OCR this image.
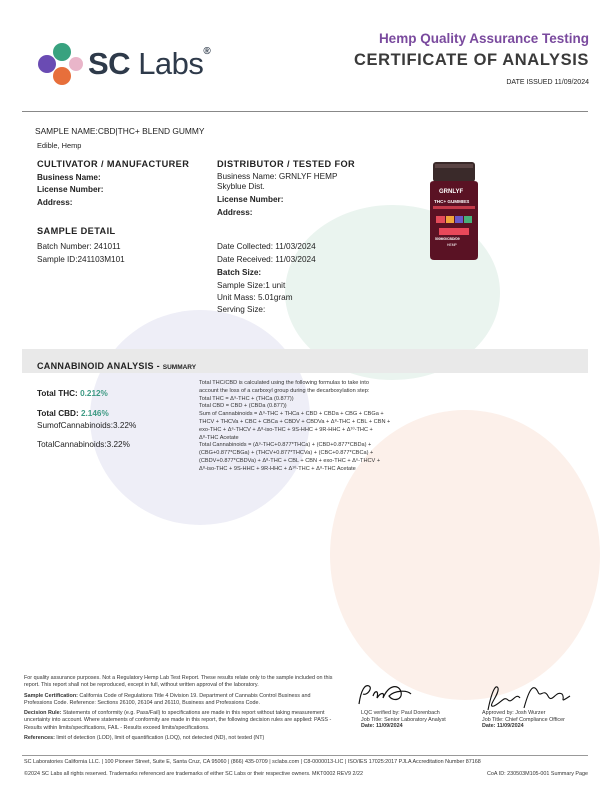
SC Labs®
Hemp Quality Assurance Testing
CERTIFICATE OF ANALYSIS
DATE ISSUED 11/09/2024
SAMPLE NAME:CBD|THC+ BLEND GUMMY
Edible, Hemp
CULTIVATOR / MANUFACTURER
Business Name:
License Number:
Address:
DISTRIBUTOR / TESTED FOR
Business Name: GRNLYF HEMP
Skyblue Dist.
License Number:
Address:
GRNLYF
THC+ GUMMIES
500MG/CBD/D9
HEMP
SAMPLE DETAIL
Batch Number: 241011
Sample ID:241103M101
Date Collected: 11/03/2024
Date Received: 11/03/2024
Batch Size:
Sample Size:1 unit
Unit Mass: 5.01gram
Serving Size:
CANNABINOID ANALYSIS - SUMMARY
Total THC: 0.212%
Total CBD: 2.146%
SumofCannabinoids:3.22%
TotalCannabinoids:3.22%
Total THC/CBD is calculated using the following formulas to take into
account the loss of a carboxyl group during the decarboxylation step:
Total THC = Δ⁹-THC + (THCa (0.877))
Total CBD = CBD + (CBDa (0.877))
Sum of Cannabinoids = Δ⁹-THC + THCa + CBD + CBDa + CBG + CBGa +
THCV + THCVa + CBC + CBCa + CBDV + CBDVa + Δ⁸-THC + CBL + CBN +
exo-THC + Δ⁶-THCV + Δ⁸-iso-THC + 9S-HHC + 9R-HHC + Δ¹⁰-THC +
Δ⁸-THC Acetate
Total Cannabinoids = (Δ⁹-THC+0.877*THCa) + (CBD+0.877*CBDa) +
(CBG+0.877*CBGa) + (THCV+0.877*THCVa) + (CBC+0.877*CBCa) +
(CBDV+0.877*CBDVa) + Δ⁸-THC + CBL + CBN + exo-THC + Δ⁶-THCV +
Δ⁸-iso-THC + 9S-HHC + 9R-HHC + Δ¹⁰-THC + Δ⁸-THC Acetate
For quality assurance purposes. Not a Regulatory Hemp Lab Test Report. These results relate only to the sample included on this report. This report shall not be reproduced, except in full, without written approval of the laboratory.
Sample Certification: California Code of Regulations Title 4 Division 19. Department of Cannabis Control Business and Professions Code. Reference: Sections 26100, 26104 and 26110, Business and Professions Code.
Decision Rule: Statements of conformity (e.g. Pass/Fail) to specifications are made in this report without taking measurement uncertainty into account. Where statements of conformity are made in this report, the following decision rules are applied: PASS - Results within limits/specifications, FAIL - Results exceed limits/specifications.
References: limit of detection (LOD), limit of quantification (LOQ), not detected (ND), not tested (NT)
LQC verified by: Paul Dorenbach
Job Title: Senior Laboratory Analyst
Date: 11/09/2024
Approved by: Josh Wurzer
Job Title: Chief Compliance Officer
Date: 11/09/2024
SC Laboratories California LLC. | 100 Pioneer Street, Suite E, Santa Cruz, CA 95060 | (866) 435-0709 | sclabs.com | C8-0000013-LIC | ISO/IES 17025:2017 PJLA Accreditation Number 87168
©2024 SC Labs all rights reserved. Trademarks referenced are trademarks of either SC Labs or their respective owners. MKT0002 REV9 2/22	CoA ID: 230503M105-001 Summary Page
